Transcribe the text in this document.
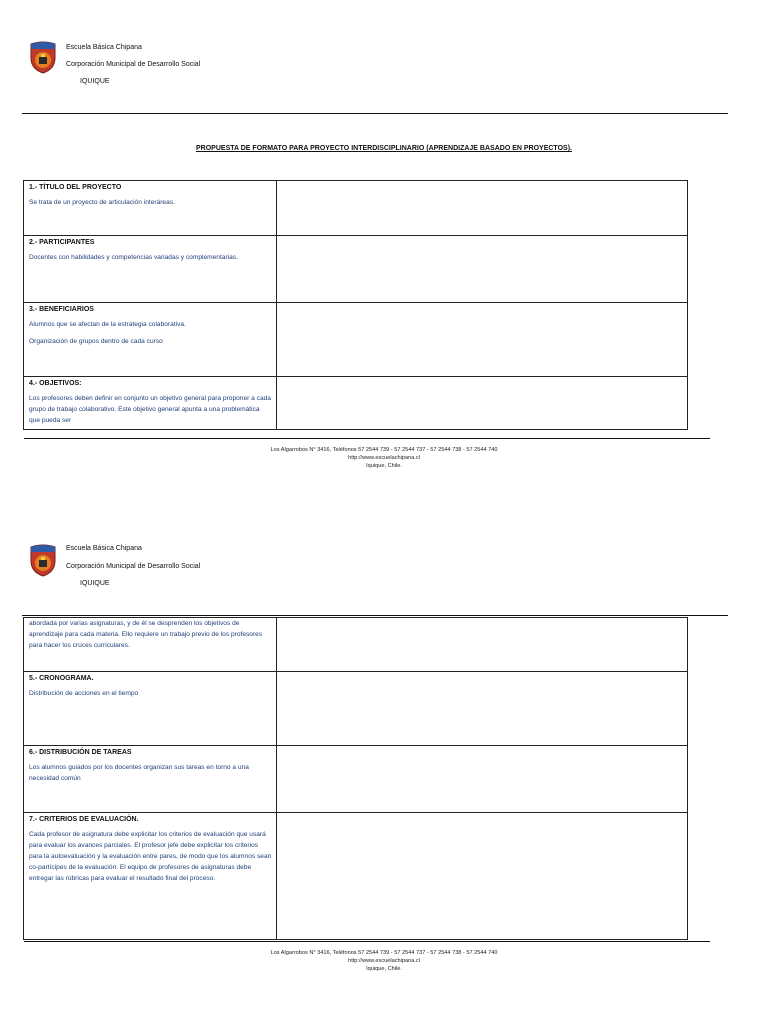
Escuela Básica Chipana
Corporación Municipal de Desarrollo Social
IQUIQUE
PROPUESTA DE FORMATO PARA PROYECTO INTERDISCIPLINARIO (APRENDIZAJE BASADO EN PROYECTOS).
1.- TÍTULO DEL PROYECTO

Se trata de un proyecto de articulación interáreas.	

2.- PARTICIPANTES

Docentes con habilidades y competencias variadas y complementarias.	

3.- BENEFICIARIOS

Alumnos que se afectan de la estrategia colaborativa.

Organización de grupos dentro de cada curso	

4.- OBJETIVOS:

Los profesores deben definir en conjunto un objetivo general para proponer a cada grupo de trabajo colaborativo. Este objetivo general apunta a una problemática que pueda ser	

Los Algarrobos N° 3416, Teléfonos 57 2544 739 - 57 2544 737 - 57 2544 738 - 57 2544 740
http://www.escuelachipana.cl
Iquique, Chile.
Escuela Básica Chipana
Corporación Municipal de Desarrollo Social
IQUIQUE

abordada por varias asignaturas, y de él se desprenden los objetivos de aprendizaje para cada materia. Ello requiere un trabajo previo de los profesores para hacer los cruces curriculares.	

5.- CRONOGRAMA.

Distribución de acciones en el tiempo	

6.- DISTRIBUCIÓN DE TAREAS

Los alumnos guiados por los docentes organizan sus tareas en torno a una necesidad común	

7.- CRITERIOS DE EVALUACIÓN.

Cada profesor de asignatura debe explicitar los criterios de evaluación que usará para evaluar los avances parciales. El profesor jefe debe explicitar los criterios para la autoevaluación y la evaluación entre pares, de modo que los alumnos sean co-partícipes de la evaluación. El equipo de profesores de asignaturas debe entregar las rúbricas para evaluar el resultado final del proceso.	

Los Algarrobos N° 3416, Teléfonos 57 2544 739 - 57 2544 737 - 57 2544 738 - 57 2544 740
http://www.escuelachipana.cl
Iquique, Chile.
